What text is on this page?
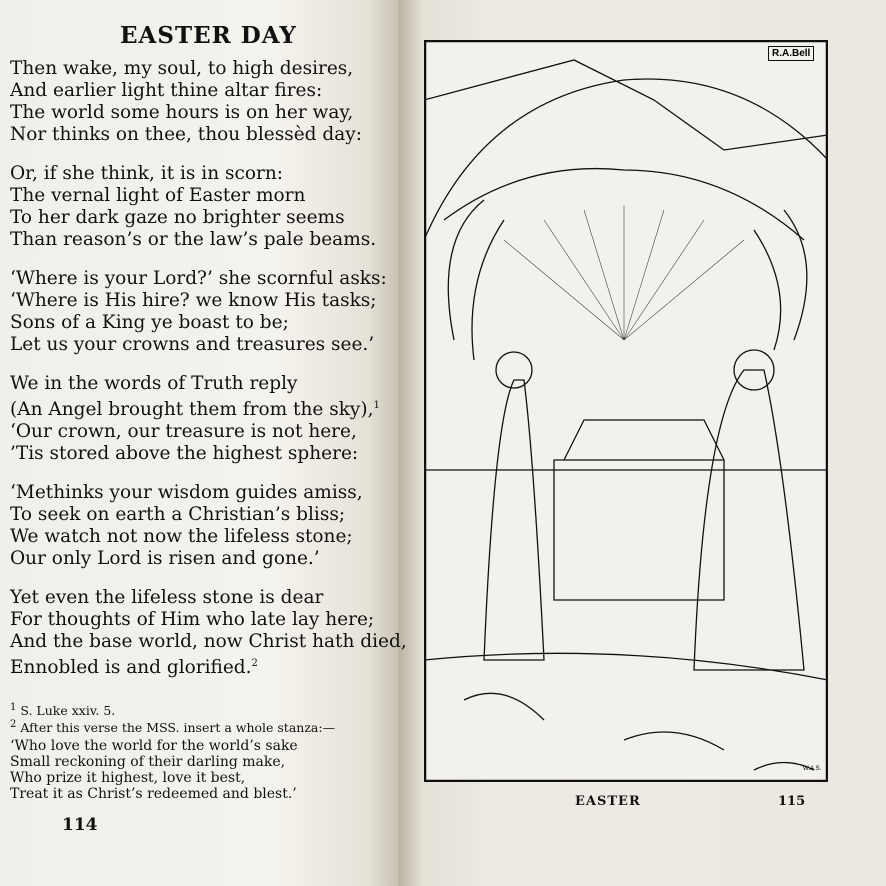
EASTER DAY
Then wake, my soul, to high desires,
And earlier light thine altar fires:
The world some hours is on her way,
Nor thinks on thee, thou blessèd day:
Or, if she think, it is in scorn:
The vernal light of Easter morn
To her dark gaze no brighter seems
Than reason’s or the law’s pale beams.
‘Where is your Lord?’ she scornful asks:
‘Where is His hire? we know His tasks;
Sons of a King ye boast to be;
Let us your crowns and treasures see.’
We in the words of Truth reply
(An Angel brought them from the sky),$^1$
‘Our crown, our treasure is not here,
’Tis stored above the highest sphere:
‘Methinks your wisdom guides amiss,
To seek on earth a Christian’s bliss;
We watch not now the lifeless stone;
Our only Lord is risen and gone.’
Yet even the lifeless stone is dear
For thoughts of Him who late lay here;
And the base world, now Christ hath died,
Ennobled is and glorified.$^2$
$^1$ S. Luke xxiv. 5.
$^2$ After this verse the MSS. insert a whole stanza:—
‘Who love the world for the world’s sake
Small reckoning of their darling make,
Who prize it highest, love it best,
Treat it as Christ’s redeemed and blest.’
114
R.A.Bell
W.A.S.
EASTER	115
